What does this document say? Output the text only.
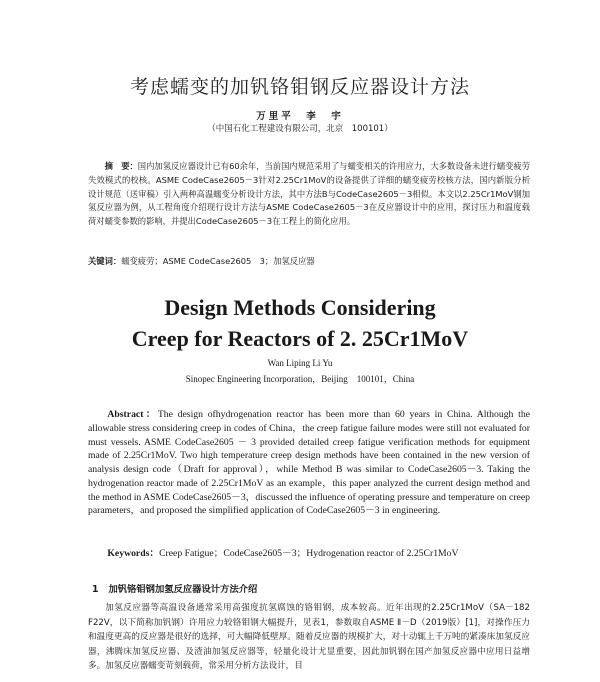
考虑蠕变的加钒铬钼钢反应器设计方法
万里平　李　宇
（中国石化工程建设有限公司，北京　100101）
摘　要：国内加氢反应器设计已有60余年，当前国内规范采用了与蠕变相关的许用应力，大多数设备未进行蠕变疲劳失效模式的校核。ASME CodeCase2605－3针对2.25Cr1MoV的设备提供了详细的蠕变疲劳校核方法，国内新版分析设计规范（送审稿）引入两种高温蠕变分析设计方法，其中方法B与CodeCase2605－3相似。本文以2.25Cr1MoV钢加氢反应器为例，从工程角度介绍现行设计方法与ASME CodeCase2605－3在反应器设计中的应用，探讨压力和温度载荷对蠕变参数的影响，并提出CodeCase2605－3在工程上的简化应用。
关键词：蠕变疲劳；ASME CodeCase2605　3；加氢反应器
Design Methods Considering
Creep for Reactors of 2. 25Cr1MoV
Wan Liping Li Yu
Sinopec Engineering Incorporation，Beijing　100101，China
Abstract：The design ofhydrogenation reactor has been more than 60 years in China. Although the allowable stress considering creep in codes of China，the creep fatigue failure modes were still not evaluated for must vessels. ASME CodeCase2605 － 3 provided detailed creep fatigue verification methods for equipment made of 2.25Cr1MoV. Two high temperature creep design methods have been contained in the new version of analysis design code（Draft for approval），while Method B was similar to CodeCase2605－3. Taking the hydrogenation reactor made of 2.25Cr1MoV as an example，this paper analyzed the current design method and the method in ASME CodeCase2605－3，discussed the influence of operating pressure and temperature on creep parameters，and proposed the simplified application of CodeCase2605－3 in engineering.
Keywords：Creep Fatigue；CodeCase2605－3；Hydrogenation reactor of 2.25Cr1MoV
1 加钒铬钼钢加氢反应器设计方法介绍
加氢反应器等高温设备通常采用高强度抗氢腐蚀的铬钼钢，成本较高。近年出现的2.25Cr1MoV（SA－182 F22V，以下简称加钒钢）许用应力较铬钼钢大幅提升，见表1，参数取自ASME Ⅱ－D（2019版）[1]，对操作压力和温度更高的反应器是很好的选择，可大幅降低壁厚。随着反应器的规模扩大，对十动辄上千万吨的紧凑床加氢反应器，沸腾床加氢反应器、及渣油加氢反应器等，轻量化设计尤显重要，因此加钒钢在国产加氢反应器中应用日益增多。加氢反应器蠕变苛刻载荷，常采用分析方法设计，目
